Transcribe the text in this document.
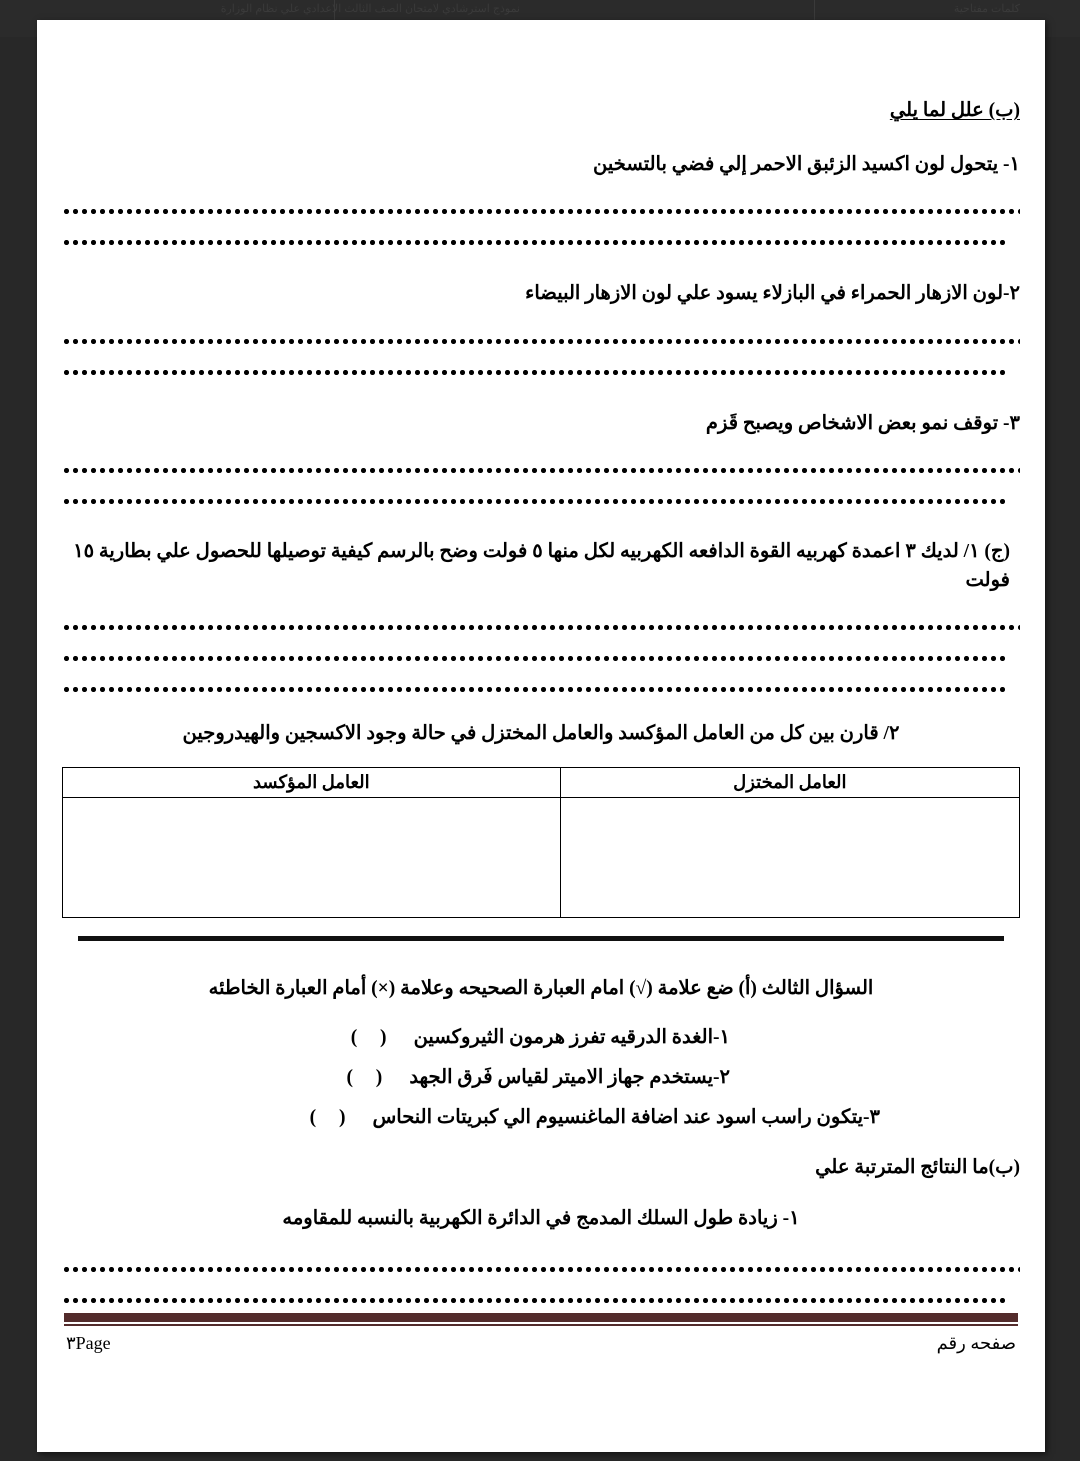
نموذج استرشادي لامتحان الصف الثالث الاعدادي علي نظام الوزارة	كلمات مفتاحية
(ب) علل لما يلي
١- يتحول لون اكسيد الزئبق الاحمر إلي فضي بالتسخين
٢-لون الازهار الحمراء في البازلاء يسود علي لون الازهار البيضاء
٣- توقف نمو بعض الاشخاص ويصبح قَزم
(ج) ١/ لديك ٣ اعمدة كهربيه القوة الدافعه الكهربيه لكل منها ٥ فولت وضح بالرسم كيفية توصيلها للحصول علي بطارية ١٥ فولت
٢/ قارن بين كل من العامل المؤكسد والعامل المختزل في حالة وجود الاكسجين والهيدروجين
العامل المختزل	العامل المؤكسد

السؤال الثالث (أ) ضع علامة (√) امام العبارة الصحيحه وعلامة (×) أمام العبارة الخاطئه
١-الغدة الدرقيه تفرز هرمون الثيروكسين
( )
٢-يستخدم جهاز الاميتر لقياس فَرق الجهد
( )
٣-يتكون راسب اسود عند اضافة الماغنسيوم الي كبريتات النحاس
( )
(ب)ما النتائج المترتبة علي
١- زيادة طول السلك المدمج في الدائرة الكهربية بالنسبه للمقاومه
صفحه رقم
٣Page
